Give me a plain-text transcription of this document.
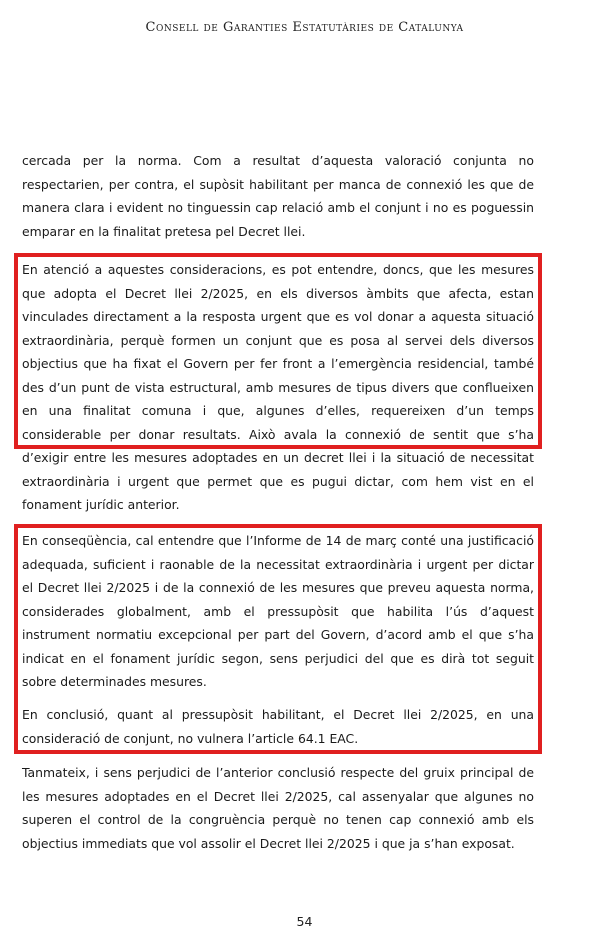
Consell de Garanties Estatutàries de Catalunya

cercada per la norma. Com a resultat d’aquesta valoració conjunta no respectarien, per contra, el supòsit habilitant per manca de connexió les que de manera clara i evident no tinguessin cap relació amb el conjunt i no es poguessin emparar en la finalitat pretesa pel Decret llei.

En atenció a aquestes consideracions, es pot entendre, doncs, que les mesures que adopta el Decret llei 2/2025, en els diversos àmbits que afecta, estan vinculades directament a la resposta urgent que es vol donar a aquesta situació extraordinària, perquè formen un conjunt que es posa al servei dels diversos objectius que ha fixat el Govern per fer front a l’emergència residencial, també des d’un punt de vista estructural, amb mesures de tipus divers que conflueixen en una finalitat comuna i que, algunes d’elles, requereixen d’un temps considerable per donar resultats. Això avala la connexió de sentit que s’ha d’exigir entre les mesures adoptades en un decret llei i la situació de necessitat extraordinària i urgent que permet que es pugui dictar, com hem vist en el fonament jurídic anterior.

En conseqüència, cal entendre que l’Informe de 14 de març conté una justificació adequada, suficient i raonable de la necessitat extraordinària i urgent per dictar el Decret llei 2/2025 i de la connexió de les mesures que preveu aquesta norma, considerades globalment, amb el pressupòsit que habilita l’ús d’aquest instrument normatiu excepcional per part del Govern, d’acord amb el que s’ha indicat en el fonament jurídic segon, sens perjudici del que es dirà tot seguit sobre determinades mesures.

En conclusió, quant al pressupòsit habilitant, el Decret llei 2/2025, en una consideració de conjunt, no vulnera l’article 64.1 EAC.

Tanmateix, i sens perjudici de l’anterior conclusió respecte del gruix principal de les mesures adoptades en el Decret llei 2/2025, cal assenyalar que algunes no superen el control de la congruència perquè no tenen cap connexió amb els objectius immediats que vol assolir el Decret llei 2/2025 i que ja s’han exposat.

54
